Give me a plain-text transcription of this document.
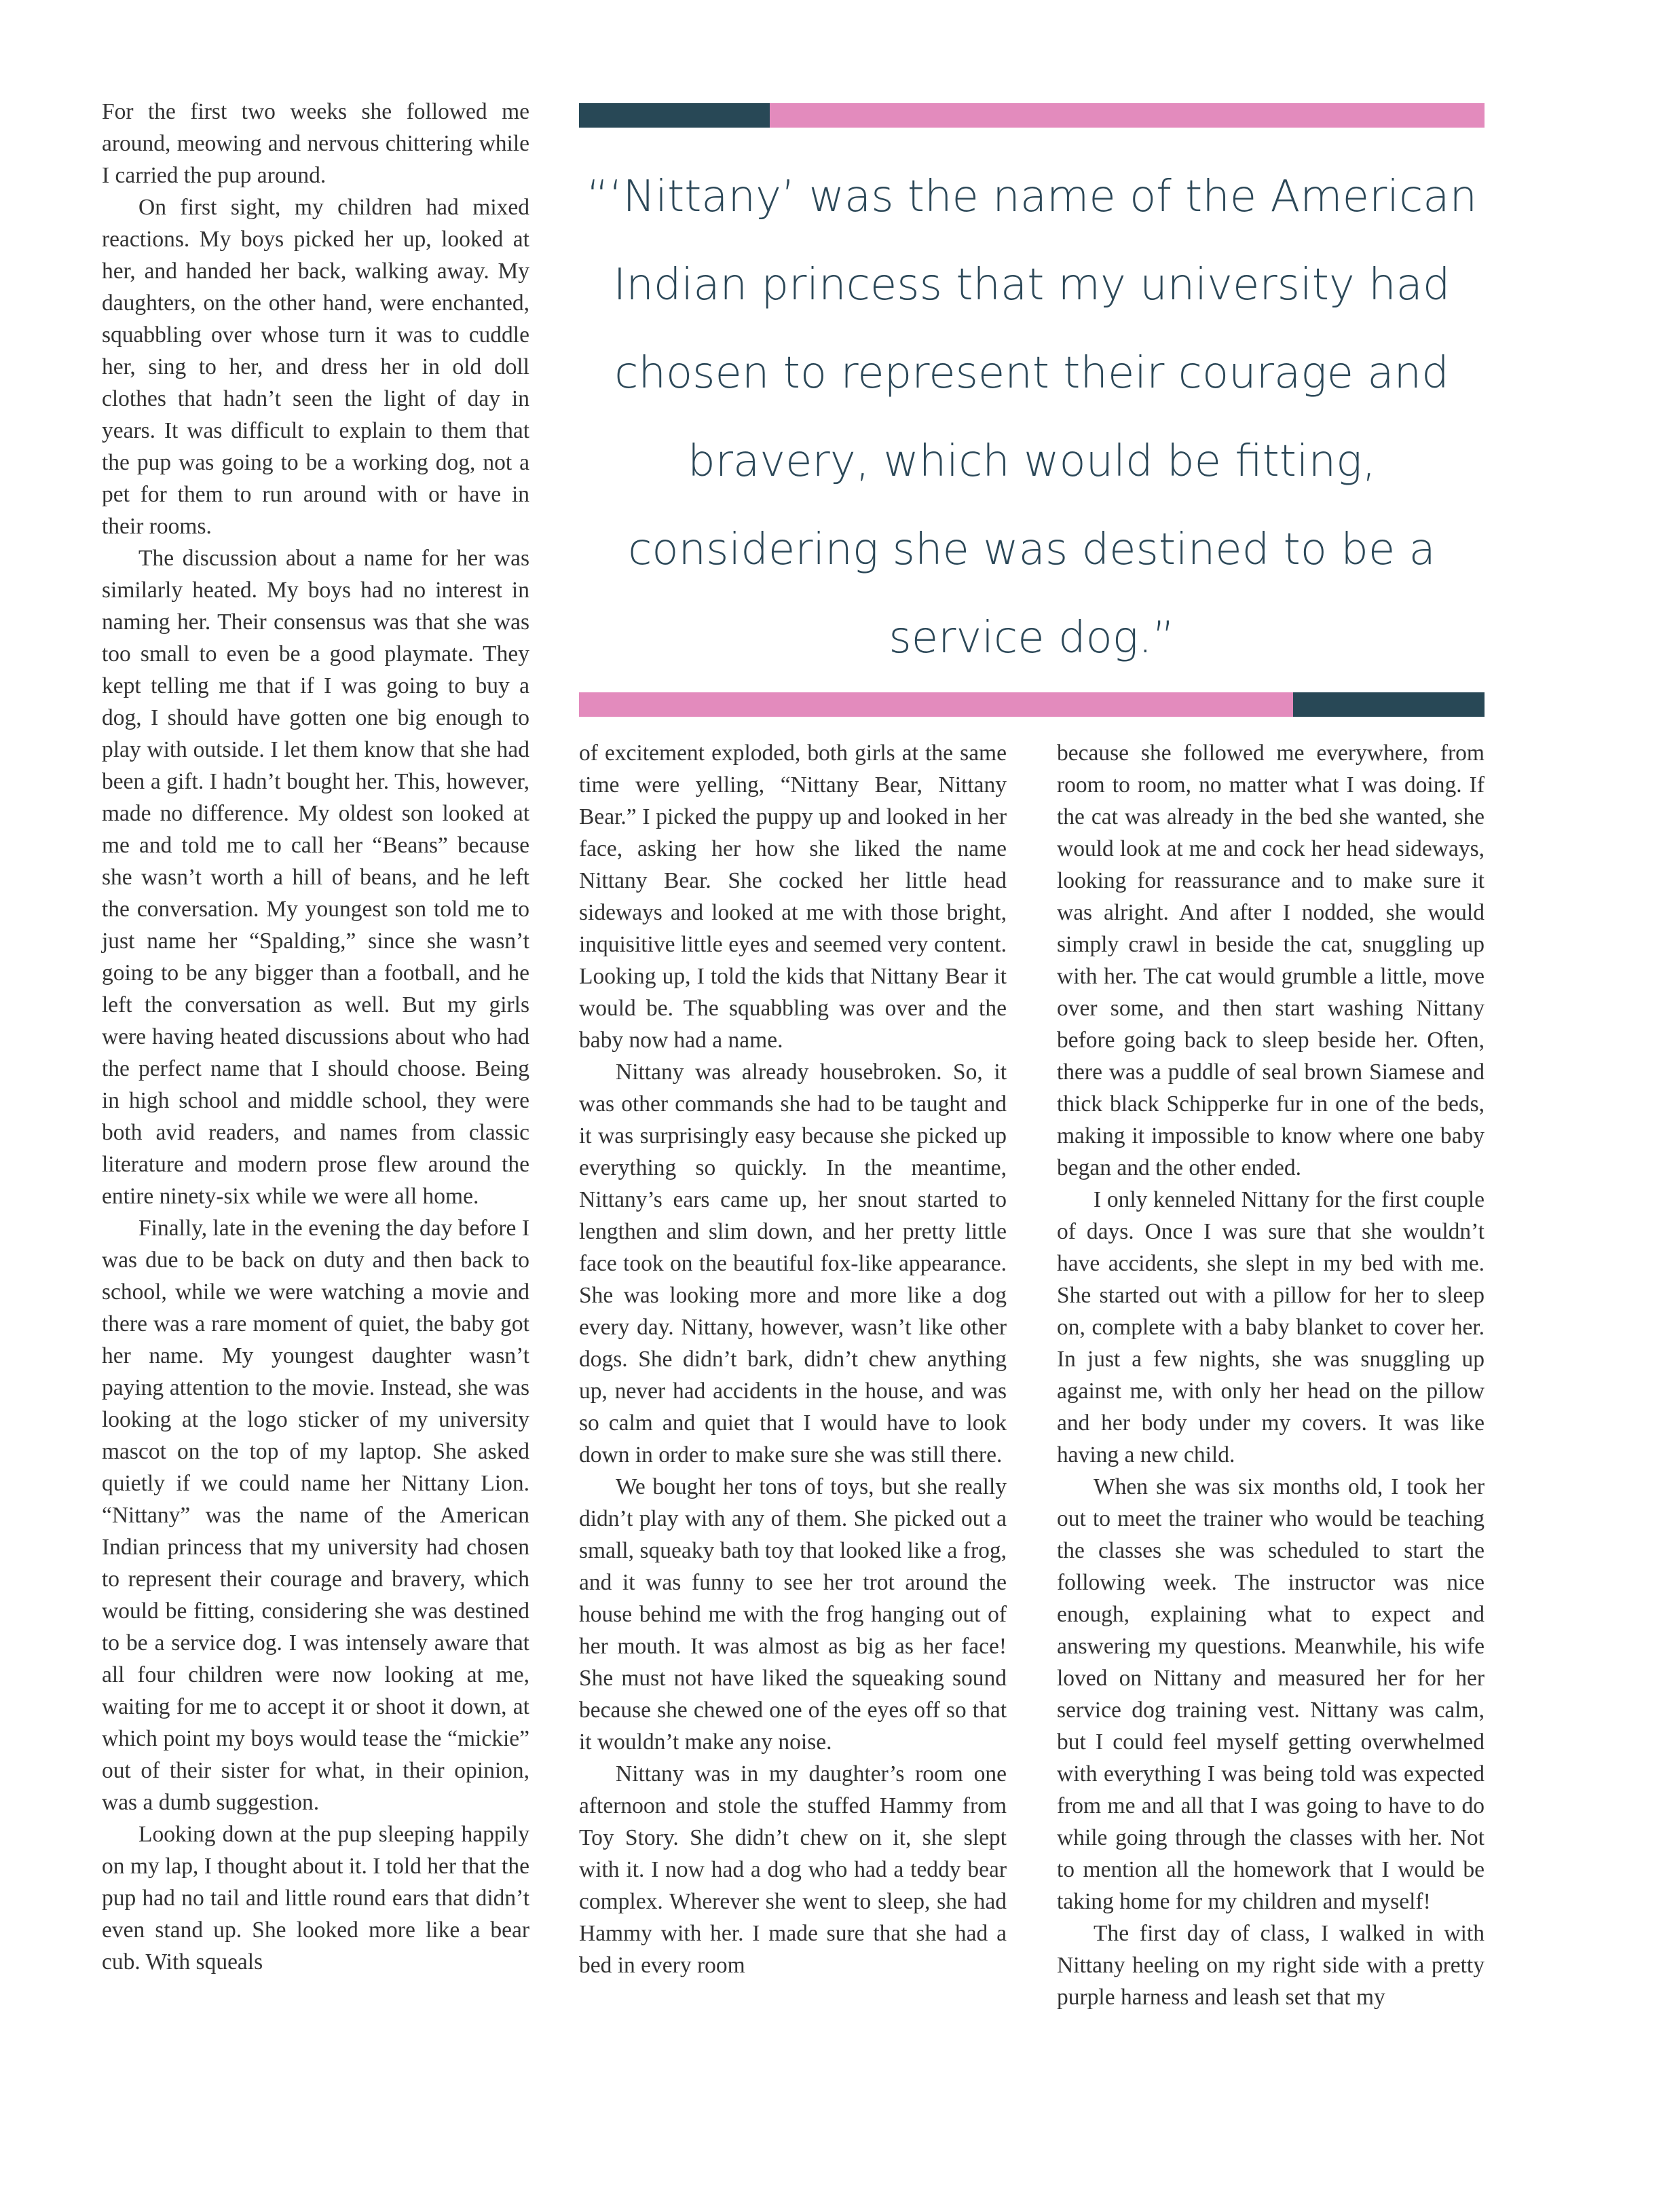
“‘Nittany’ was the name of the American Indian princess that my university had chosen to represent their courage and bravery, which would be fitting, considering she was destined to be a service dog.”

For the first two weeks she followed me around, meowing and nervous chittering while I carried the pup around.

On first sight, my children had mixed reactions. My boys picked her up, looked at her, and handed her back, walking away. My daughters, on the other hand, were enchanted, squabbling over whose turn it was to cuddle her, sing to her, and dress her in old doll clothes that hadn’t seen the light of day in years. It was difficult to explain to them that the pup was going to be a working dog, not a pet for them to run around with or have in their rooms.

The discussion about a name for her was similarly heated. My boys had no interest in naming her. Their consensus was that she was too small to even be a good playmate. They kept telling me that if I was going to buy a dog, I should have gotten one big enough to play with outside. I let them know that she had been a gift. I hadn’t bought her. This, however, made no difference. My oldest son looked at me and told me to call her “Beans” because she wasn’t worth a hill of beans, and he left the conversation. My youngest son told me to just name her “Spalding,” since she wasn’t going to be any bigger than a football, and he left the conversation as well. But my girls were having heated discussions about who had the perfect name that I should choose. Being in high school and middle school, they were both avid readers, and names from classic literature and modern prose flew around the entire ninety-six while we were all home.

Finally, late in the evening the day before I was due to be back on duty and then back to school, while we were watching a movie and there was a rare moment of quiet, the baby got her name. My youngest daughter wasn’t paying attention to the movie. Instead, she was looking at the logo sticker of my university mascot on the top of my laptop. She asked quietly if we could name her Nittany Lion. “Nittany” was the name of the American Indian princess that my university had chosen to represent their courage and bravery, which would be fitting, considering she was destined to be a service dog. I was intensely aware that all four children were now looking at me, waiting for me to accept it or shoot it down, at which point my boys would tease the “mickie” out of their sister for what, in their opinion, was a dumb suggestion.

Looking down at the pup sleeping happily on my lap, I thought about it. I told her that the pup had no tail and little round ears that didn’t even stand up. She looked more like a bear cub. With squeals

of excitement exploded, both girls at the same time were yelling, “Nittany Bear, Nittany Bear.” I picked the puppy up and looked in her face, asking her how she liked the name Nittany Bear. She cocked her little head sideways and looked at me with those bright, inquisitive little eyes and seemed very content. Looking up, I told the kids that Nittany Bear it would be. The squabbling was over and the baby now had a name.

Nittany was already housebroken. So, it was other commands she had to be taught and it was surprisingly easy because she picked up everything so quickly. In the meantime, Nittany’s ears came up, her snout started to lengthen and slim down, and her pretty little face took on the beautiful fox-like appearance. She was looking more and more like a dog every day. Nittany, however, wasn’t like other dogs. She didn’t bark, didn’t chew anything up, never had accidents in the house, and was so calm and quiet that I would have to look down in order to make sure she was still there.

We bought her tons of toys, but she really didn’t play with any of them. She picked out a small, squeaky bath toy that looked like a frog, and it was funny to see her trot around the house behind me with the frog hanging out of her mouth. It was almost as big as her face! She must not have liked the squeaking sound because she chewed one of the eyes off so that it wouldn’t make any noise.

Nittany was in my daughter’s room one afternoon and stole the stuffed Hammy from Toy Story. She didn’t chew on it, she slept with it. I now had a dog who had a teddy bear complex. Wherever she went to sleep, she had Hammy with her. I made sure that she had a bed in every room

because she followed me everywhere, from room to room, no matter what I was doing. If the cat was already in the bed she wanted, she would look at me and cock her head sideways, looking for reassurance and to make sure it was alright. And after I nodded, she would simply crawl in beside the cat, snuggling up with her. The cat would grumble a little, move over some, and then start washing Nittany before going back to sleep beside her. Often, there was a puddle of seal brown Siamese and thick black Schipperke fur in one of the beds, making it impossible to know where one baby began and the other ended.

I only kenneled Nittany for the first couple of days. Once I was sure that she wouldn’t have accidents, she slept in my bed with me. She started out with a pillow for her to sleep on, complete with a baby blanket to cover her. In just a few nights, she was snuggling up against me, with only her head on the pillow and her body under my covers. It was like having a new child.

When she was six months old, I took her out to meet the trainer who would be teaching the classes she was scheduled to start the following week. The instructor was nice enough, explaining what to expect and answering my questions. Meanwhile, his wife loved on Nittany and measured her for her service dog training vest. Nittany was calm, but I could feel myself getting overwhelmed with everything I was being told was expected from me and all that I was going to have to do while going through the classes with her. Not to mention all the homework that I would be taking home for my children and myself!

The first day of class, I walked in with Nittany heeling on my right side with a pretty purple harness and leash set that my
